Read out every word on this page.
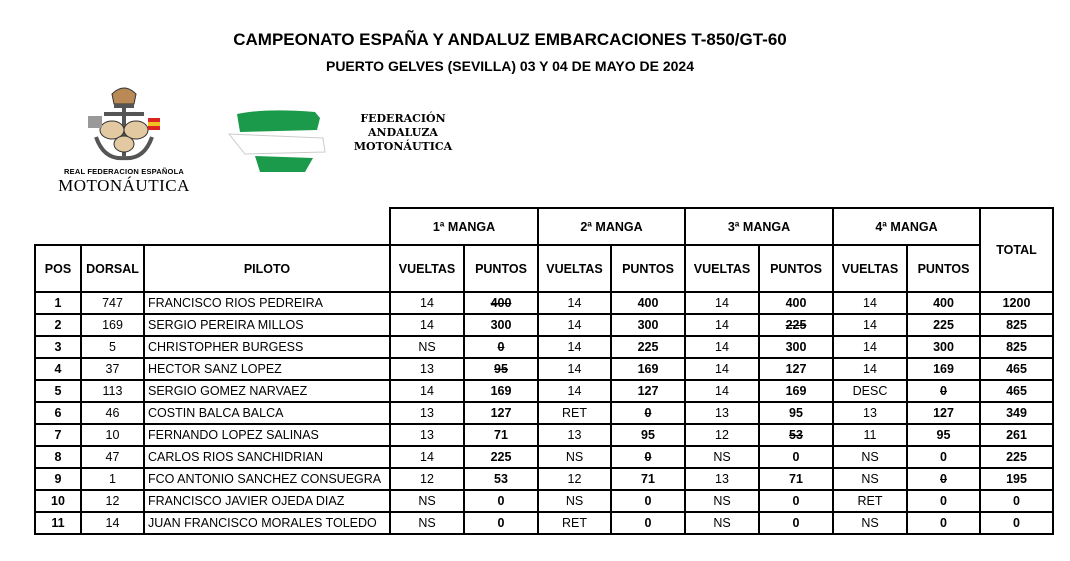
CAMPEONATO ESPAÑA Y ANDALUZ EMBARCACIONES T-850/GT-60
PUERTO GELVES (SEVILLA) 03 Y 04 DE MAYO DE 2024
REAL FEDERACION ESPAÑOLA
MOTONÁUTICA
FEDERACIÓN
ANDALUZA
MOTONÁUTICA
			1ª MANGA		2ª MANGA		3ª MANGA		4ª MANGA		TOTAL
POS	DORSAL	PILOTO	VUELTAS	PUNTOS	VUELTAS	PUNTOS	VUELTAS	PUNTOS	VUELTAS	PUNTOS	
1	747	FRANCISCO RIOS PEDREIRA	14	400	14	400	14	400	14	400	1200
2	169	SERGIO PEREIRA MILLOS	14	300	14	300	14	225	14	225	825
3	5	CHRISTOPHER BURGESS	NS	0	14	225	14	300	14	300	825
4	37	HECTOR SANZ LOPEZ	13	95	14	169	14	127	14	169	465
5	113	SERGIO GOMEZ NARVAEZ	14	169	14	127	14	169	DESC	0	465
6	46	COSTIN BALCA BALCA	13	127	RET	0	13	95	13	127	349
7	10	FERNANDO LOPEZ SALINAS	13	71	13	95	12	53	11	95	261
8	47	CARLOS RIOS SANCHIDRIAN	14	225	NS	0	NS	0	NS	0	225
9	1	FCO ANTONIO SANCHEZ CONSUEGRA	12	53	12	71	13	71	NS	0	195
10	12	FRANCISCO JAVIER OJEDA DIAZ	NS	0	NS	0	NS	0	RET	0	0
11	14	JUAN FRANCISCO MORALES TOLEDO	NS	0	RET	0	NS	0	NS	0	0
